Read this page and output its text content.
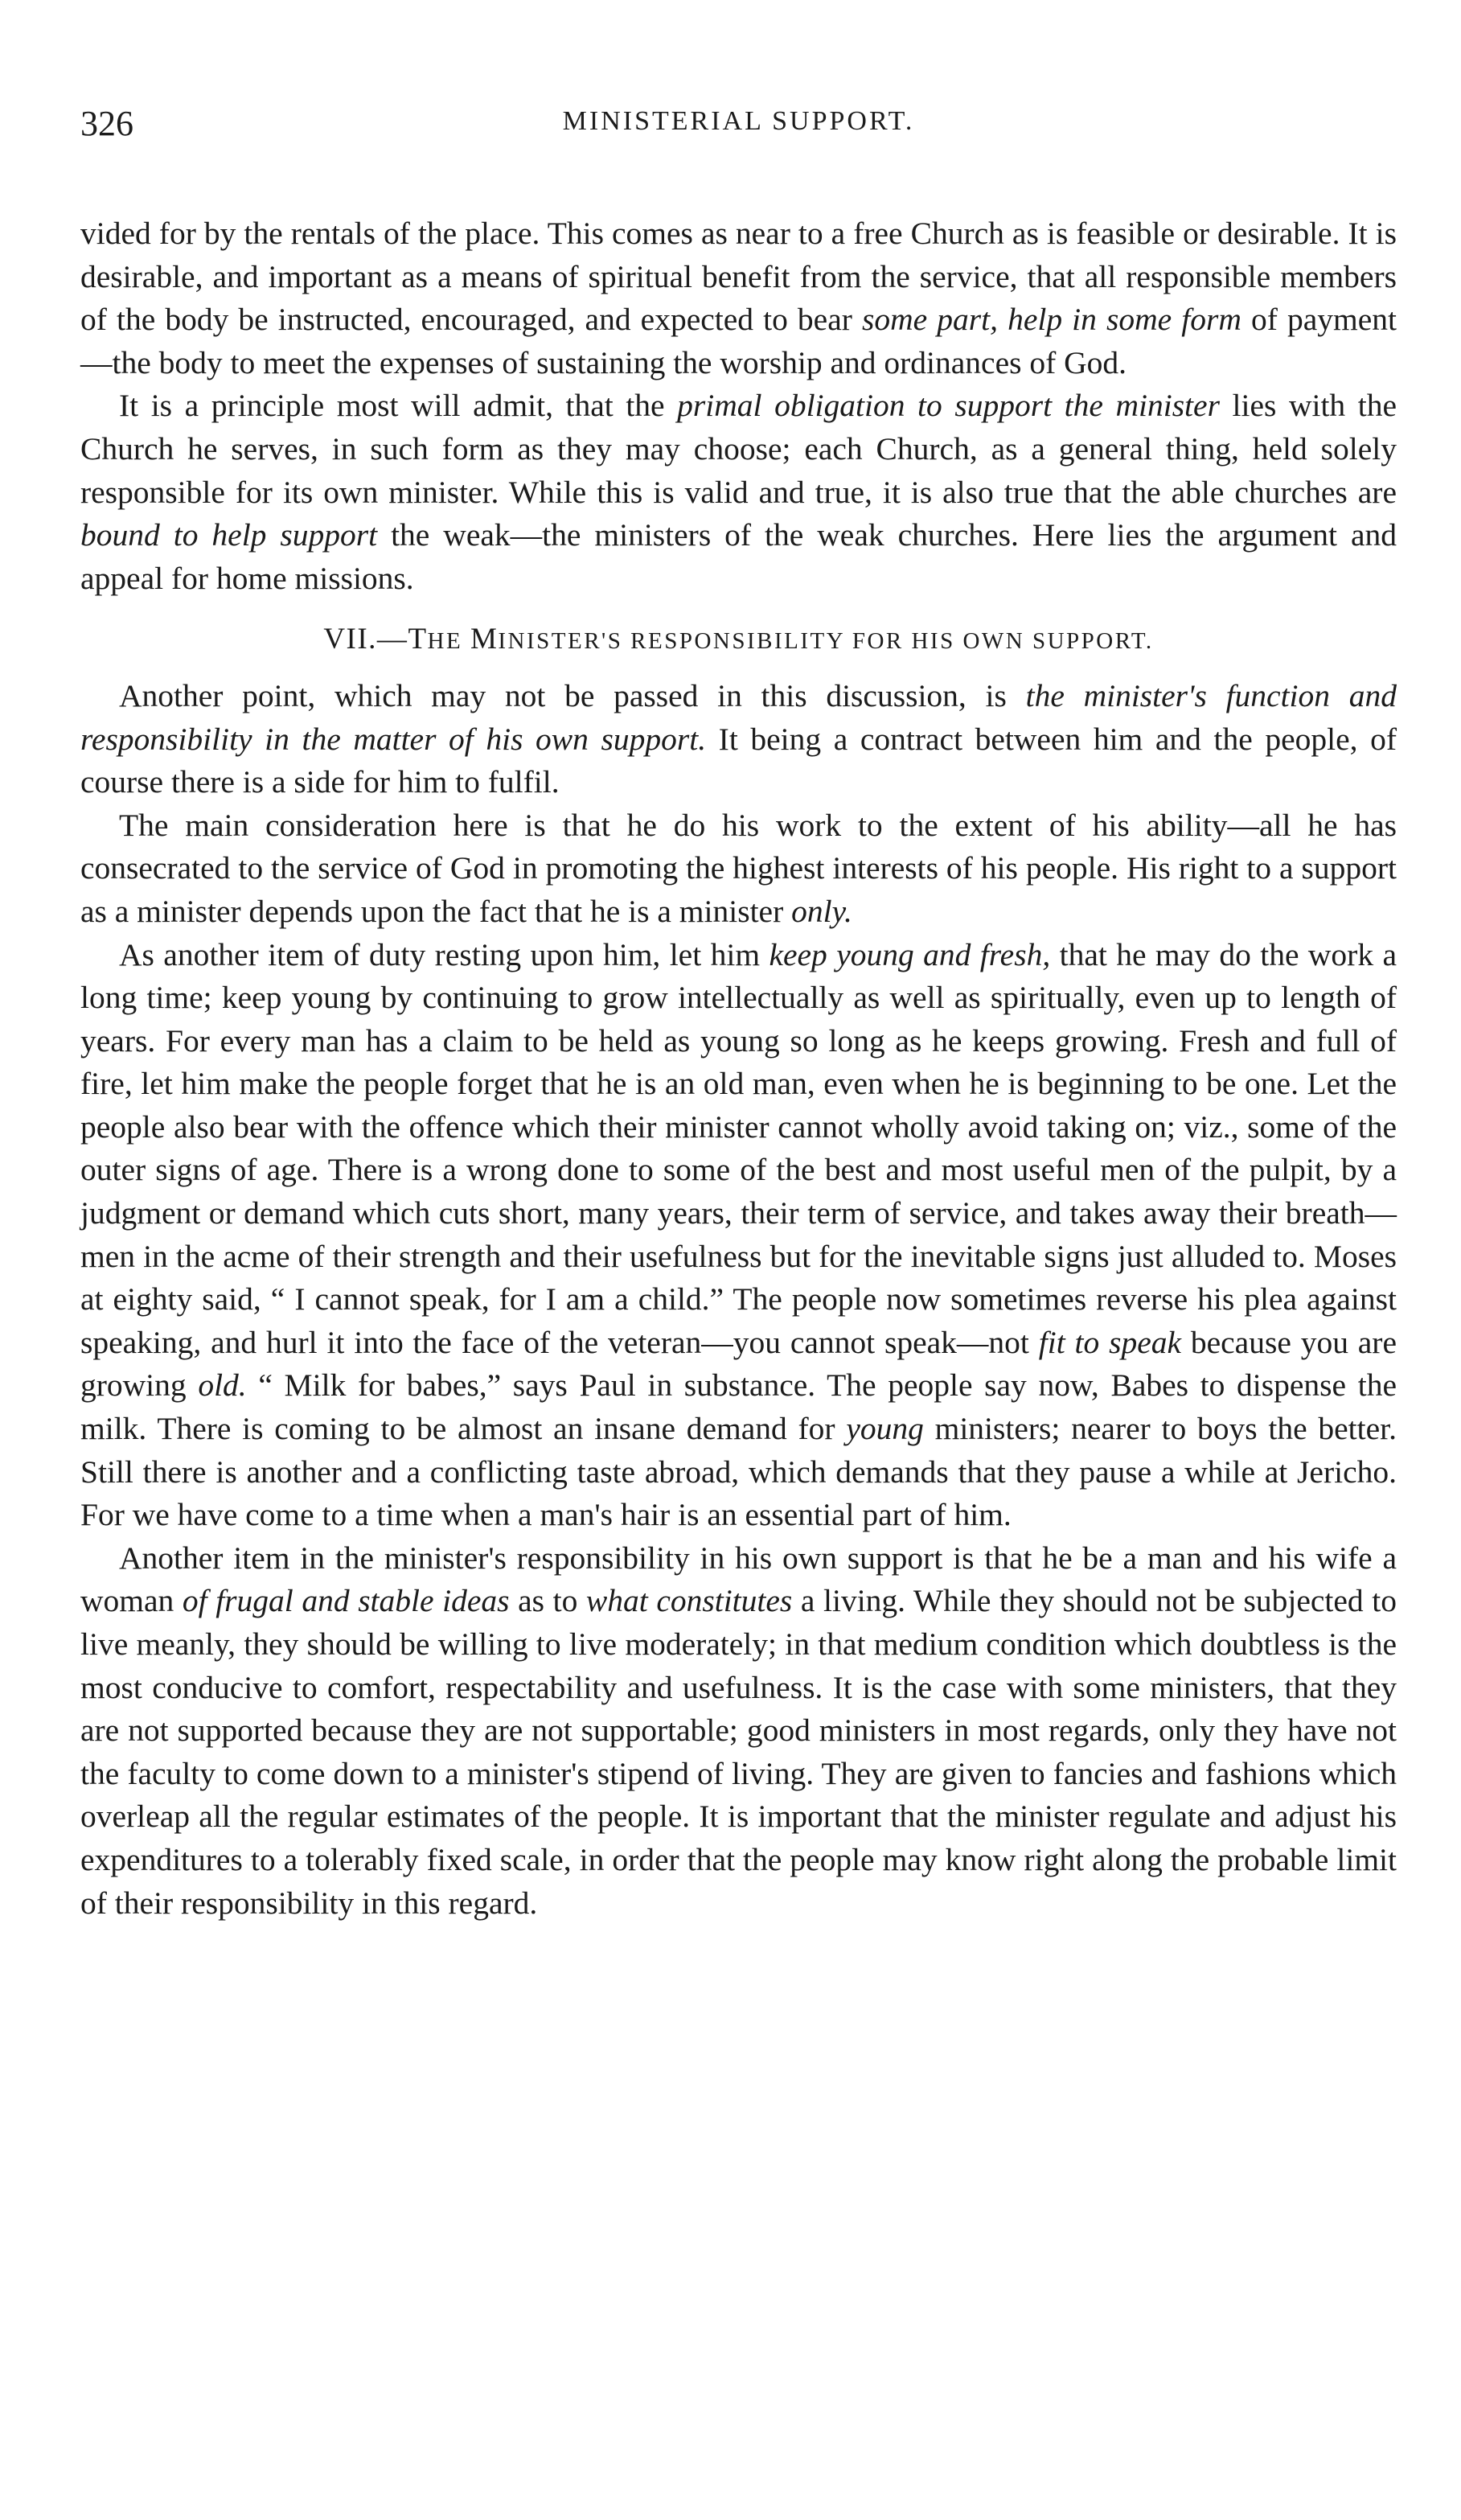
326	MINISTERIAL SUPPORT.

vided for by the rentals of the place. This comes as near to a free Church as is feasible or desirable. It is desirable, and important as a means of spiritual benefit from the service, that all responsible members of the body be instructed, encouraged, and expected to bear some part, help in some form of payment—the body to meet the expenses of sustaining the worship and ordinances of God.

It is a principle most will admit, that the primal obligation to support the minister lies with the Church he serves, in such form as they may choose; each Church, as a general thing, held solely responsible for its own minister. While this is valid and true, it is also true that the able churches are bound to help support the weak—the ministers of the weak churches. Here lies the argument and appeal for home missions.

VII.—THE MINISTER'S RESPONSIBILITY FOR HIS OWN SUPPORT.

Another point, which may not be passed in this discussion, is the minister's function and responsibility in the matter of his own support. It being a contract between him and the people, of course there is a side for him to fulfil.

The main consideration here is that he do his work to the extent of his ability—all he has consecrated to the service of God in promoting the highest interests of his people. His right to a support as a minister depends upon the fact that he is a minister only.

As another item of duty resting upon him, let him keep young and fresh, that he may do the work a long time; keep young by continuing to grow intellectually as well as spiritually, even up to length of years. For every man has a claim to be held as young so long as he keeps growing. Fresh and full of fire, let him make the people forget that he is an old man, even when he is beginning to be one. Let the people also bear with the offence which their minister cannot wholly avoid taking on; viz., some of the outer signs of age. There is a wrong done to some of the best and most useful men of the pulpit, by a judgment or demand which cuts short, many years, their term of service, and takes away their breath—men in the acme of their strength and their usefulness but for the inevitable signs just alluded to. Moses at eighty said, “ I cannot speak, for I am a child.” The people now sometimes reverse his plea against speaking, and hurl it into the face of the veteran—you cannot speak—not fit to speak because you are growing old. “ Milk for babes,” says Paul in substance. The people say now, Babes to dispense the milk. There is coming to be almost an insane demand for young ministers; nearer to boys the better. Still there is another and a conflicting taste abroad, which demands that they pause a while at Jericho. For we have come to a time when a man's hair is an essential part of him.

Another item in the minister's responsibility in his own support is that he be a man and his wife a woman of frugal and stable ideas as to what constitutes a living. While they should not be subjected to live meanly, they should be willing to live moderately; in that medium condition which doubtless is the most conducive to comfort, respectability and usefulness. It is the case with some ministers, that they are not supported because they are not supportable; good ministers in most regards, only they have not the faculty to come down to a minister's stipend of living. They are given to fancies and fashions which overleap all the regular estimates of the people. It is important that the minister regulate and adjust his expenditures to a tolerably fixed scale, in order that the people may know right along the probable limit of their responsibility in this regard.
